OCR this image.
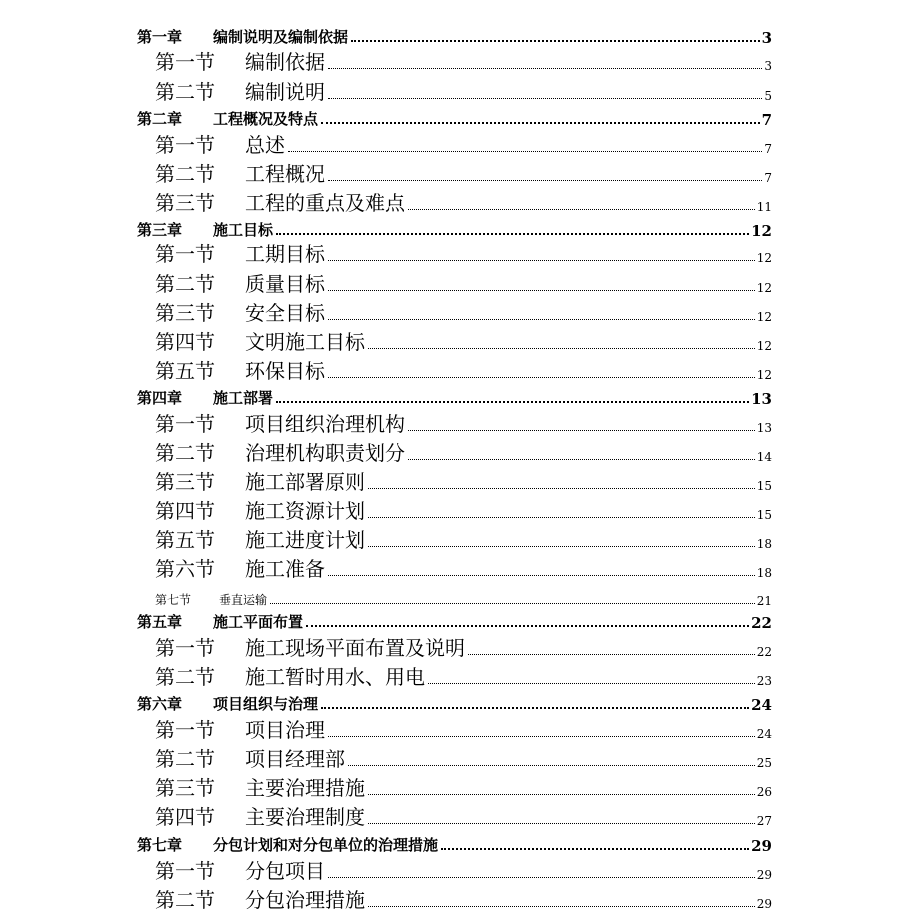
第一章	编制说明及编制依据	3
第一节	编制依据	3
第二节	编制说明	5
第二章	工程概况及特点	7
第一节	总述	7
第二节	工程概况	7
第三节	工程的重点及难点	11
第三章	施工目标	12
第一节	工期目标	12
第二节	质量目标	12
第三节	安全目标	12
第四节	文明施工目标	12
第五节	环保目标	12
第四章	施工部署	13
第一节	项目组织治理机构	13
第二节	治理机构职责划分	14
第三节	施工部署原则	15
第四节	施工资源计划	15
第五节	施工进度计划	18
第六节	施工准备	18
第七节	垂直运输	21
第五章	施工平面布置	22
第一节	施工现场平面布置及说明	22
第二节	施工暂时用水、用电	23
第六章	项目组织与治理	24
第一节	项目治理	24
第二节	项目经理部	25
第三节	主要治理措施	26
第四节	主要治理制度	27
第七章	分包计划和对分包单位的治理措施	29
第一节	分包项目	29
第二节	分包治理措施	29
